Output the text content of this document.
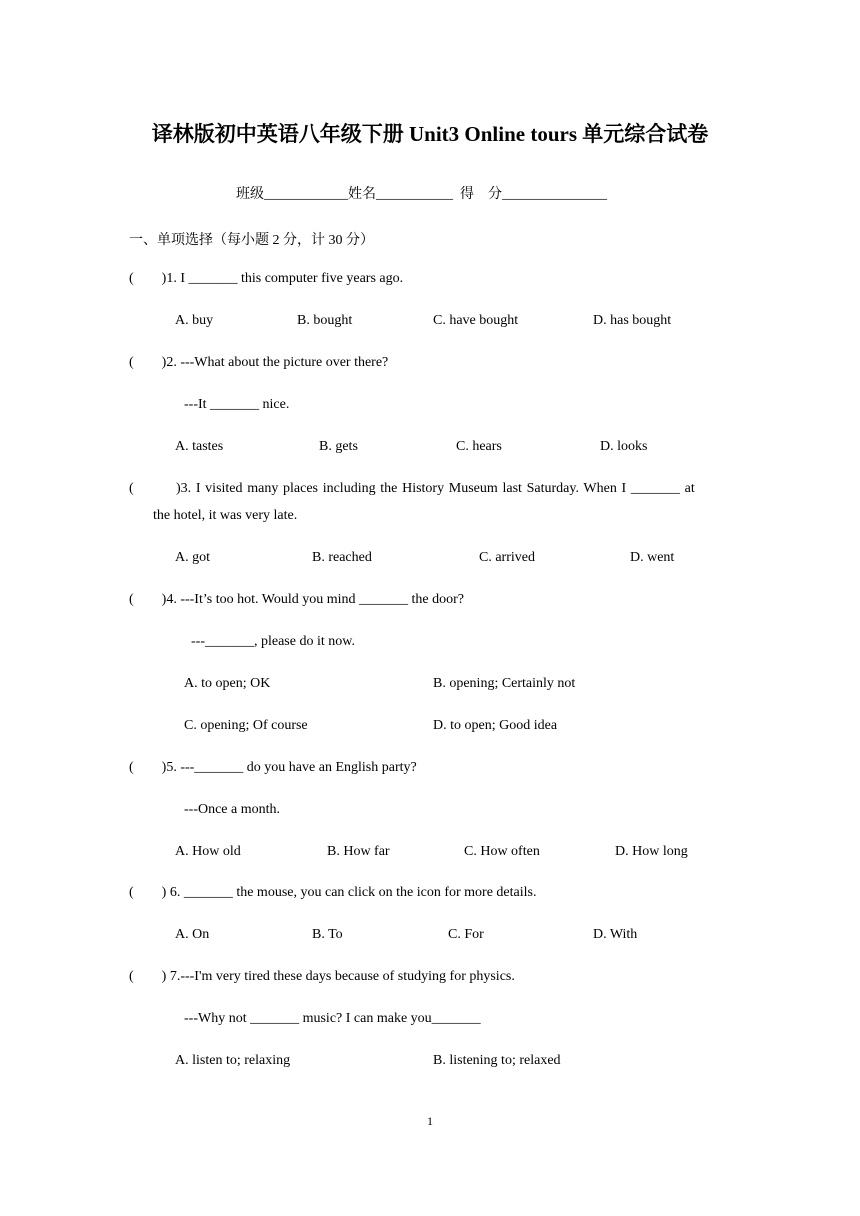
译林版初中英语八年级下册 Unit3 Online tours 单元综合试卷
班级____________姓名___________  得    分_______________
一、单项选择（每小题 2 分，计 30 分）
(        )1. I _______ this computer five years ago.
A. buy	B. bought	C. have bought	D. has bought
(        )2. ---What about the picture over there?
---It _______ nice.
A. tastes	B. gets	C. hears	D. looks
(         )3. I visited many places including the History Museum last Saturday. When I _______ at
the hotel, it was very late.
A. got	B. reached	C. arrived	D. went
(        )4. ---It’s too hot. Would you mind _______ the door?
---_______, please do it now.
A. to open; OK	B. opening; Certainly not
C. opening; Of course	D. to open; Good idea
(        )5. ---_______ do you have an English party?
---Once a month.
A. How old	B. How far	C. How often	D. How long
(        ) 6. _______ the mouse, you can click on the icon for more details.
A. On	B. To	C. For	D. With
(        ) 7.---I'm very tired these days because of studying for physics.
---Why not _______ music? I can make you_______
A. listen to; relaxing	B. listening to; relaxed
1
